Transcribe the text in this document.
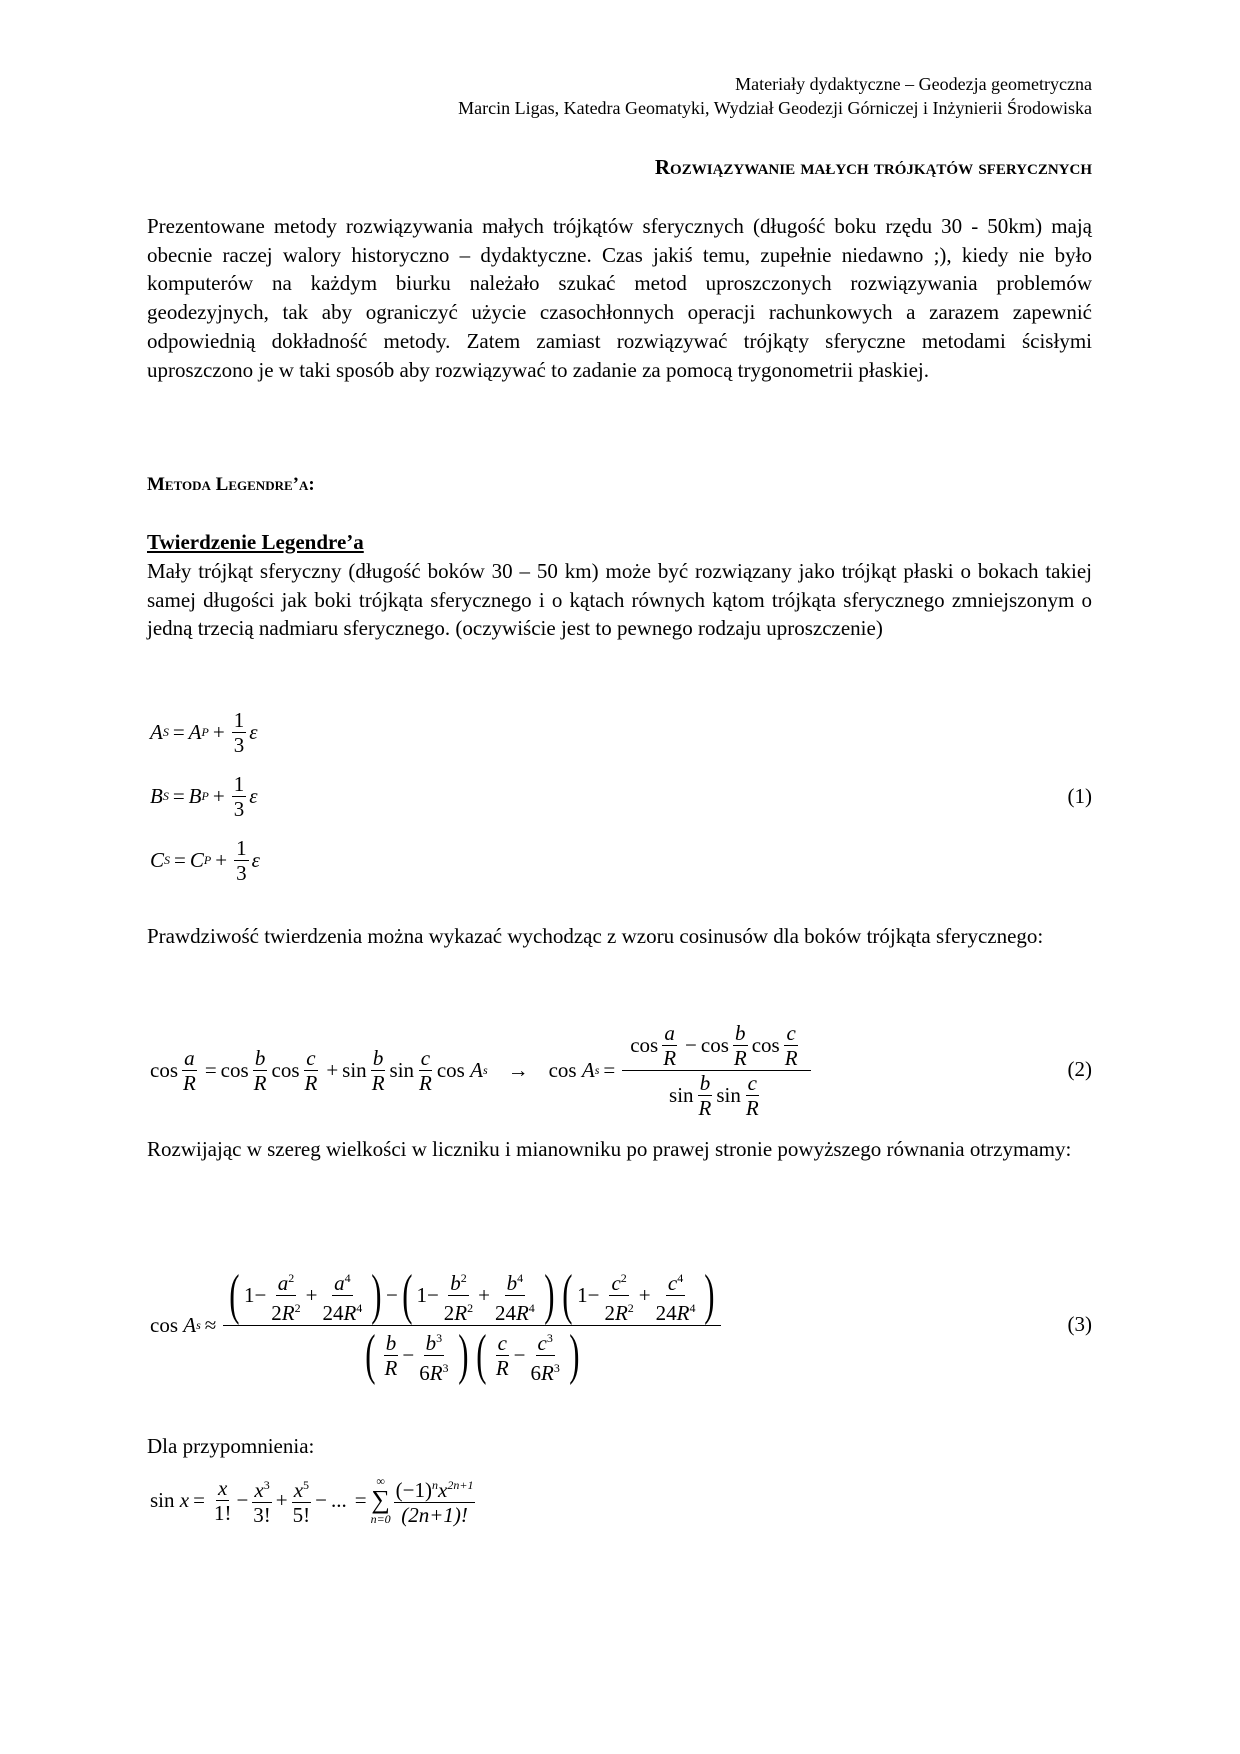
Materiały dydaktyczne – Geodezja geometryczna
Marcin Ligas, Katedra Geomatyki, Wydział Geodezji Górniczej i Inżynierii Środowiska
Rozwiązywanie małych trójkątów sferycznych
Prezentowane metody rozwiązywania małych trójkątów sferycznych (długość boku rzędu 30 - 50km) mają obecnie raczej walory historyczno – dydaktyczne. Czas jakiś temu, zupełnie niedawno ;), kiedy nie było komputerów na każdym biurku należało szukać metod uproszczonych rozwiązywania problemów geodezyjnych, tak aby ograniczyć użycie czasochłonnych operacji rachunkowych a zarazem zapewnić odpowiednią dokładność metody. Zatem zamiast rozwiązywać trójkąty sferyczne metodami ścisłymi uproszczono je w taki sposób aby rozwiązywać to zadanie za pomocą trygonometrii płaskiej.
Metoda Legendre’a:
Twierdzenie Legendre’a
Mały trójkąt sferyczny (długość boków 30 – 50 km) może być rozwiązany jako trójkąt płaski o bokach takiej samej długości jak boki trójkąta sferycznego i o kątach równych kątom trójkąta sferycznego zmniejszonym o jedną trzecią nadmiaru sferycznego. (oczywiście jest to pewnego rodzaju uproszczenie)
A S = A $P + \frac{1}{3}$ ε
B S = B $P + \frac{1}{3}$ ε
C S = C $P + \frac{1}{3}$ ε
(1)
Prawdziwość twierdzenia można wykazać wychodząc z wzoru cosinusów dla boków trójkąta sferycznego:
$\cos \frac{a}{R} = \cos b$
R
cos c
R
+ sin b
R
sin c
R
cos
A s → cos
A s = cos a
R
− cos b
R
cos c
R
sin b
R
sin c
R	(2)
Rozwijając w szereg wielkości w liczniku i mianowniku po prawej stronie powyższego równania otrzymamy:
cos
A s ≈ ( $1 - \frac{a^2}{2R^2} + \frac{a^4}{24R^4}$ ) − ( $1 - \frac{b^2}{2R^2} + \frac{b^4}{24R^4}$ ) ( $1 - \frac{c^2}{2R^2} + \frac{c^4}{24R^4}$ )
( b
R
− $\frac{b^3}{6R^3}$ ) ( c
R
− $\frac{c^3}{6R^3}$ )	(3)
Dla przypomnienia:
sin
$x = \frac{x}{1!} - \frac{x^3}{3!} + \frac{x^5}{5!}$ − ... =
∞
∑
n=0
$(-1)^nx^{2n+1}$
(2n+1)!
